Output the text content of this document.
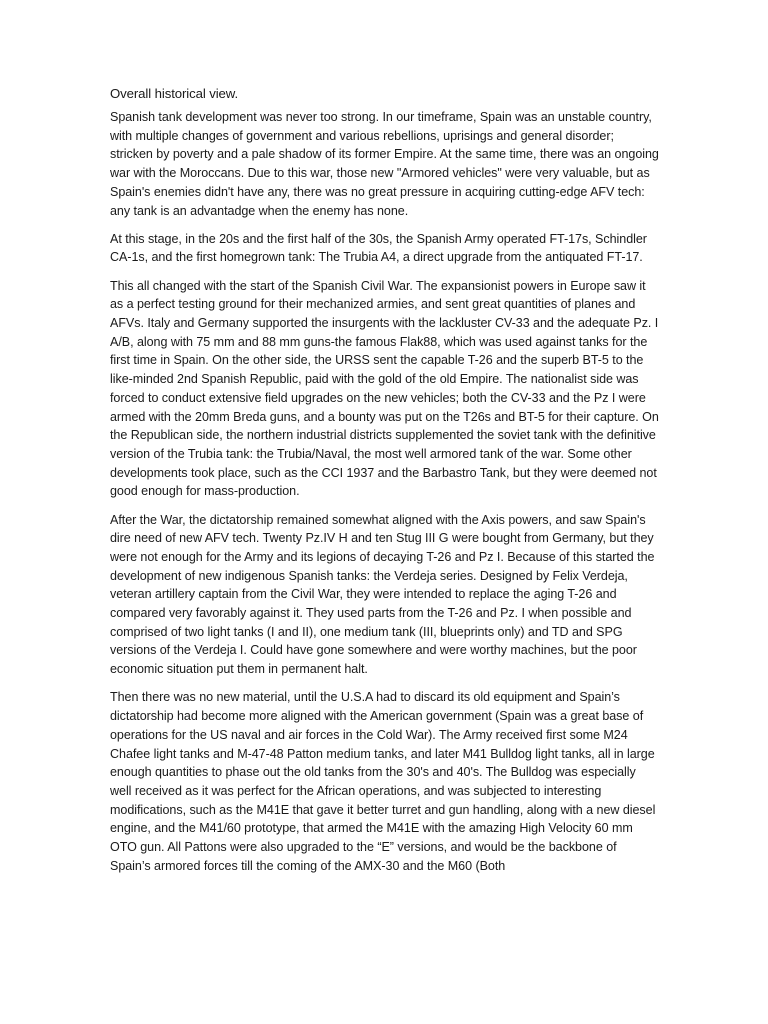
Overall historical view.

Spanish tank development was never too strong. In our timeframe, Spain was an unstable country, with multiple changes of government and various rebellions, uprisings and general disorder; stricken by poverty and a pale shadow of its former Empire. At the same time, there was an ongoing war with the Moroccans. Due to this war, those new "Armored vehicles" were very valuable, but as Spain's enemies didn't have any, there was no great pressure in acquiring cutting-edge AFV tech: any tank is an advantadge when the enemy has none.

At this stage, in the 20s and the first half of the 30s, the Spanish Army operated FT-17s, Schindler CA-1s, and the first homegrown tank: The Trubia A4, a direct upgrade from the antiquated FT-17.

This all changed with the start of the Spanish Civil War. The expansionist powers in Europe saw it as a perfect testing ground for their mechanized armies, and sent great quantities of planes and AFVs. Italy and Germany supported the insurgents with the lackluster CV-33 and the adequate Pz. I A/B, along with 75 mm and 88 mm guns-the famous Flak88, which was used against tanks for the first time in Spain. On the other side, the URSS sent the capable T-26 and the superb BT-5 to the like-minded 2nd Spanish Republic, paid with the gold of the old Empire. The nationalist side was forced to conduct extensive field upgrades on the new vehicles; both the CV-33 and the Pz I were armed with the 20mm Breda guns, and a bounty was put on the T26s and BT-5 for their capture. On the Republican side, the northern industrial districts supplemented the soviet tank with the definitive version of the Trubia tank: the Trubia/Naval, the most well armored tank of the war. Some other developments took place, such as the CCI 1937 and the Barbastro Tank, but they were deemed not good enough for mass-production.

After the War, the dictatorship remained somewhat aligned with the Axis powers, and saw Spain's dire need of new AFV tech. Twenty Pz.IV H and ten Stug III G were bought from Germany, but they were not enough for the Army and its legions of decaying T-26 and Pz I. Because of this started the development of new indigenous Spanish tanks: the Verdeja series. Designed by Felix Verdeja, veteran artillery captain from the Civil War, they were intended to replace the aging T-26 and compared very favorably against it. They used parts from the T-26 and Pz. I when possible and comprised of two light tanks (I and II), one medium tank (III, blueprints only) and TD and SPG versions of the Verdeja I. Could have gone somewhere and were worthy machines, but the poor economic situation put them in permanent halt.

Then there was no new material, until the U.S.A had to discard its old equipment and Spain’s dictatorship had become more aligned with the American government (Spain was a great base of operations for the US naval and air forces in the Cold War). The Army received first some M24 Chafee light tanks and M-47-48 Patton medium tanks, and later M41 Bulldog light tanks, all in large enough quantities to phase out the old tanks from the 30's and 40's. The Bulldog was especially well received as it was perfect for the African operations, and was subjected to interesting modifications, such as the M41E that gave it better turret and gun handling, along with a new diesel engine, and the M41/60 prototype, that armed the M41E with the amazing High Velocity 60 mm OTO gun. All Pattons were also upgraded to the “E” versions, and would be the backbone of Spain’s armored forces till the coming of the AMX-30 and the M60 (Both
